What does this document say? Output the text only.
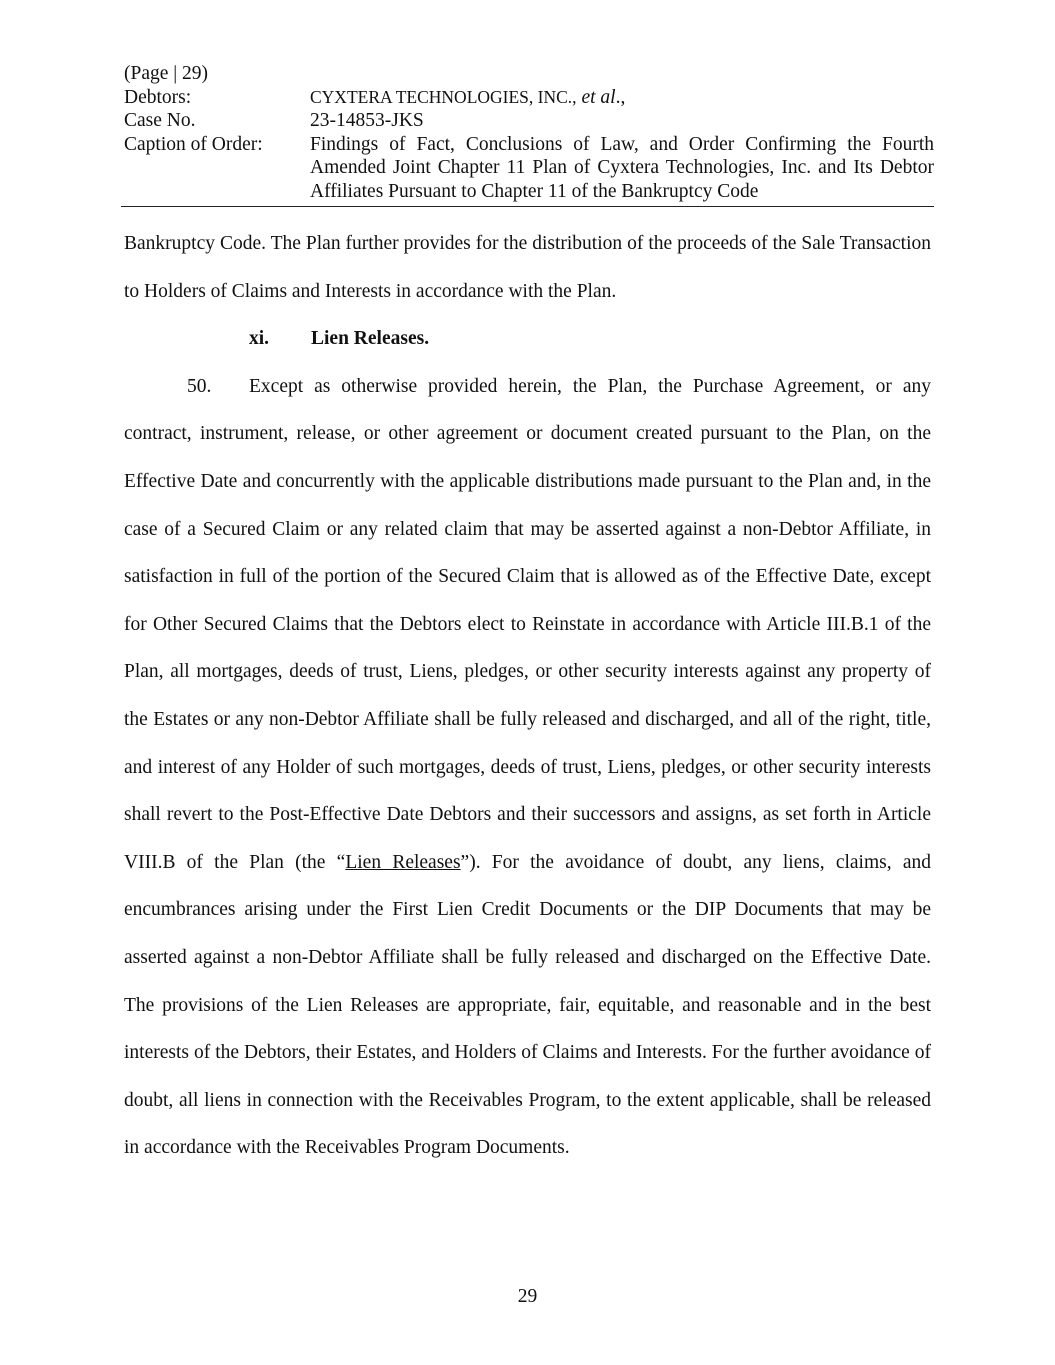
(Page | 29)
Debtors:	CYXTERA TECHNOLOGIES, INC., et al.,
Case No.	23-14853-JKS
Caption of Order:	Findings of Fact, Conclusions of Law, and Order Confirming the Fourth Amended Joint Chapter 11 Plan of Cyxtera Technologies, Inc. and Its Debtor Affiliates Pursuant to Chapter 11 of the Bankruptcy Code

Bankruptcy Code. The Plan further provides for the distribution of the proceeds of the Sale Transaction to Holders of Claims and Interests in accordance with the Plan.

xi.	Lien Releases.

50. Except as otherwise provided herein, the Plan, the Purchase Agreement, or any contract, instrument, release, or other agreement or document created pursuant to the Plan, on the Effective Date and concurrently with the applicable distributions made pursuant to the Plan and, in the case of a Secured Claim or any related claim that may be asserted against a non-Debtor Affiliate, in satisfaction in full of the portion of the Secured Claim that is allowed as of the Effective Date, except for Other Secured Claims that the Debtors elect to Reinstate in accordance with Article III.B.1 of the Plan, all mortgages, deeds of trust, Liens, pledges, or other security interests against any property of the Estates or any non-Debtor Affiliate shall be fully released and discharged, and all of the right, title, and interest of any Holder of such mortgages, deeds of trust, Liens, pledges, or other security interests shall revert to the Post-Effective Date Debtors and their successors and assigns, as set forth in Article VIII.B of the Plan (the “Lien Releases”). For the avoidance of doubt, any liens, claims, and encumbrances arising under the First Lien Credit Documents or the DIP Documents that may be asserted against a non-Debtor Affiliate shall be fully released and discharged on the Effective Date. The provisions of the Lien Releases are appropriate, fair, equitable, and reasonable and in the best interests of the Debtors, their Estates, and Holders of Claims and Interests. For the further avoidance of doubt, all liens in connection with the Receivables Program, to the extent applicable, shall be released in accordance with the Receivables Program Documents.

29
